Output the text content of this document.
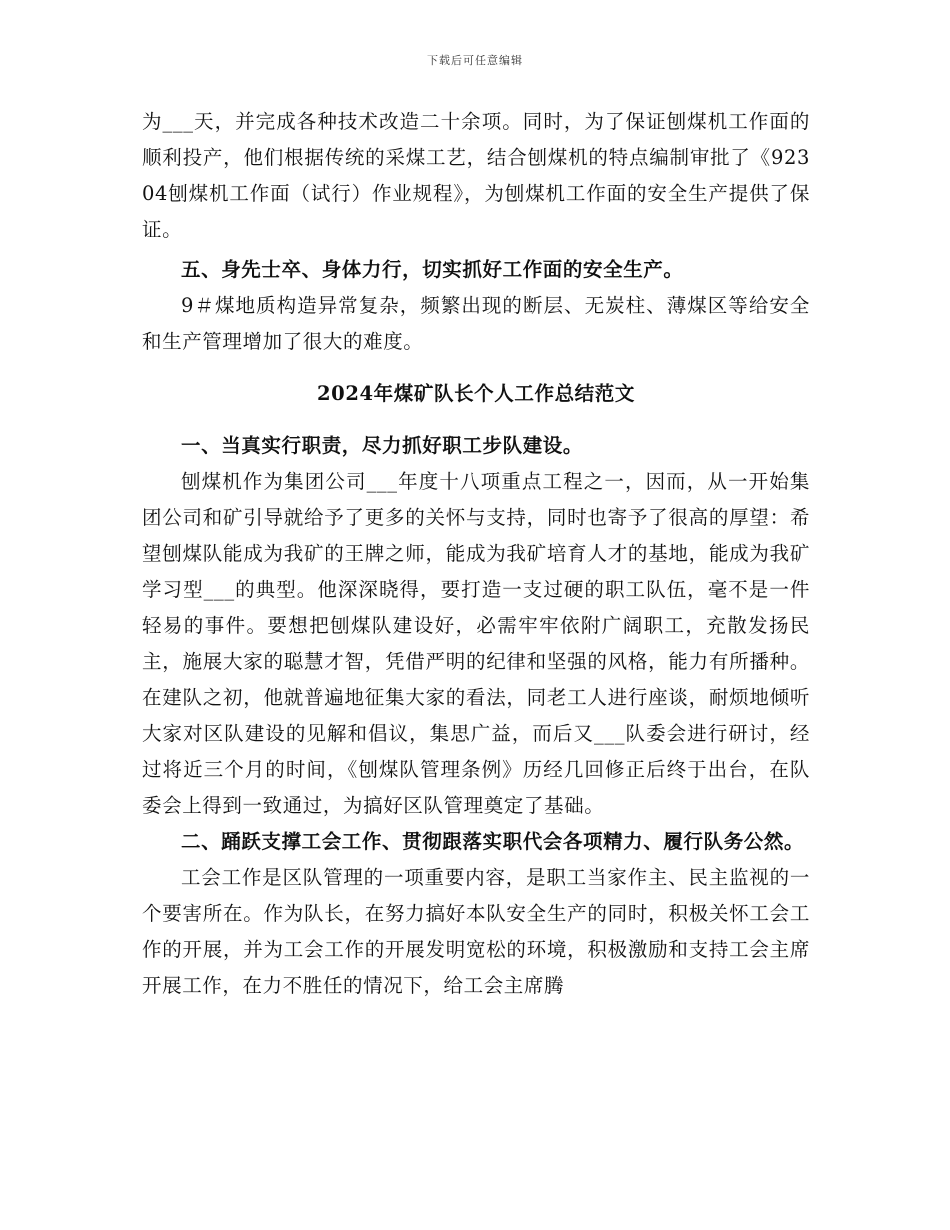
下载后可任意编辑

为___天，并完成各种技术改造二十余项。同时，为了保证刨煤机工作面的顺利投产，他们根据传统的采煤工艺，结合刨煤机的特点编制审批了《92304刨煤机工作面（试行）作业规程》，为刨煤机工作面的安全生产提供了保证。

五、身先士卒、身体力行，切实抓好工作面的安全生产。

9＃煤地质构造异常复杂，频繁出现的断层、无炭柱、薄煤区等给安全和生产管理增加了很大的难度。

2024年煤矿队长个人工作总结范文

一、当真实行职责，尽力抓好职工步队建设。

刨煤机作为集团公司___年度十八项重点工程之一，因而，从一开始集团公司和矿引导就给予了更多的关怀与支持，同时也寄予了很高的厚望：希望刨煤队能成为我矿的王牌之师，能成为我矿培育人才的基地，能成为我矿学习型___的典型。他深深晓得，要打造一支过硬的职工队伍，毫不是一件轻易的事件。要想把刨煤队建设好，必需牢牢依附广阔职工，充散发扬民主，施展大家的聪慧才智，凭借严明的纪律和坚强的风格，能力有所播种。在建队之初，他就普遍地征集大家的看法，同老工人进行座谈，耐烦地倾听大家对区队建设的见解和倡议，集思广益，而后又___队委会进行研讨，经过将近三个月的时间，《刨煤队管理条例》历经几回修正后终于出台，在队委会上得到一致通过，为搞好区队管理奠定了基础。

二、踊跃支撑工会工作、贯彻跟落实职代会各项精力、履行队务公然。

工会工作是区队管理的一项重要内容，是职工当家作主、民主监视的一个要害所在。作为队长，在努力搞好本队安全生产的同时，积极关怀工会工作的开展，并为工会工作的开展发明宽松的环境，积极激励和支持工会主席开展工作，在力不胜任的情况下，给工会主席腾
